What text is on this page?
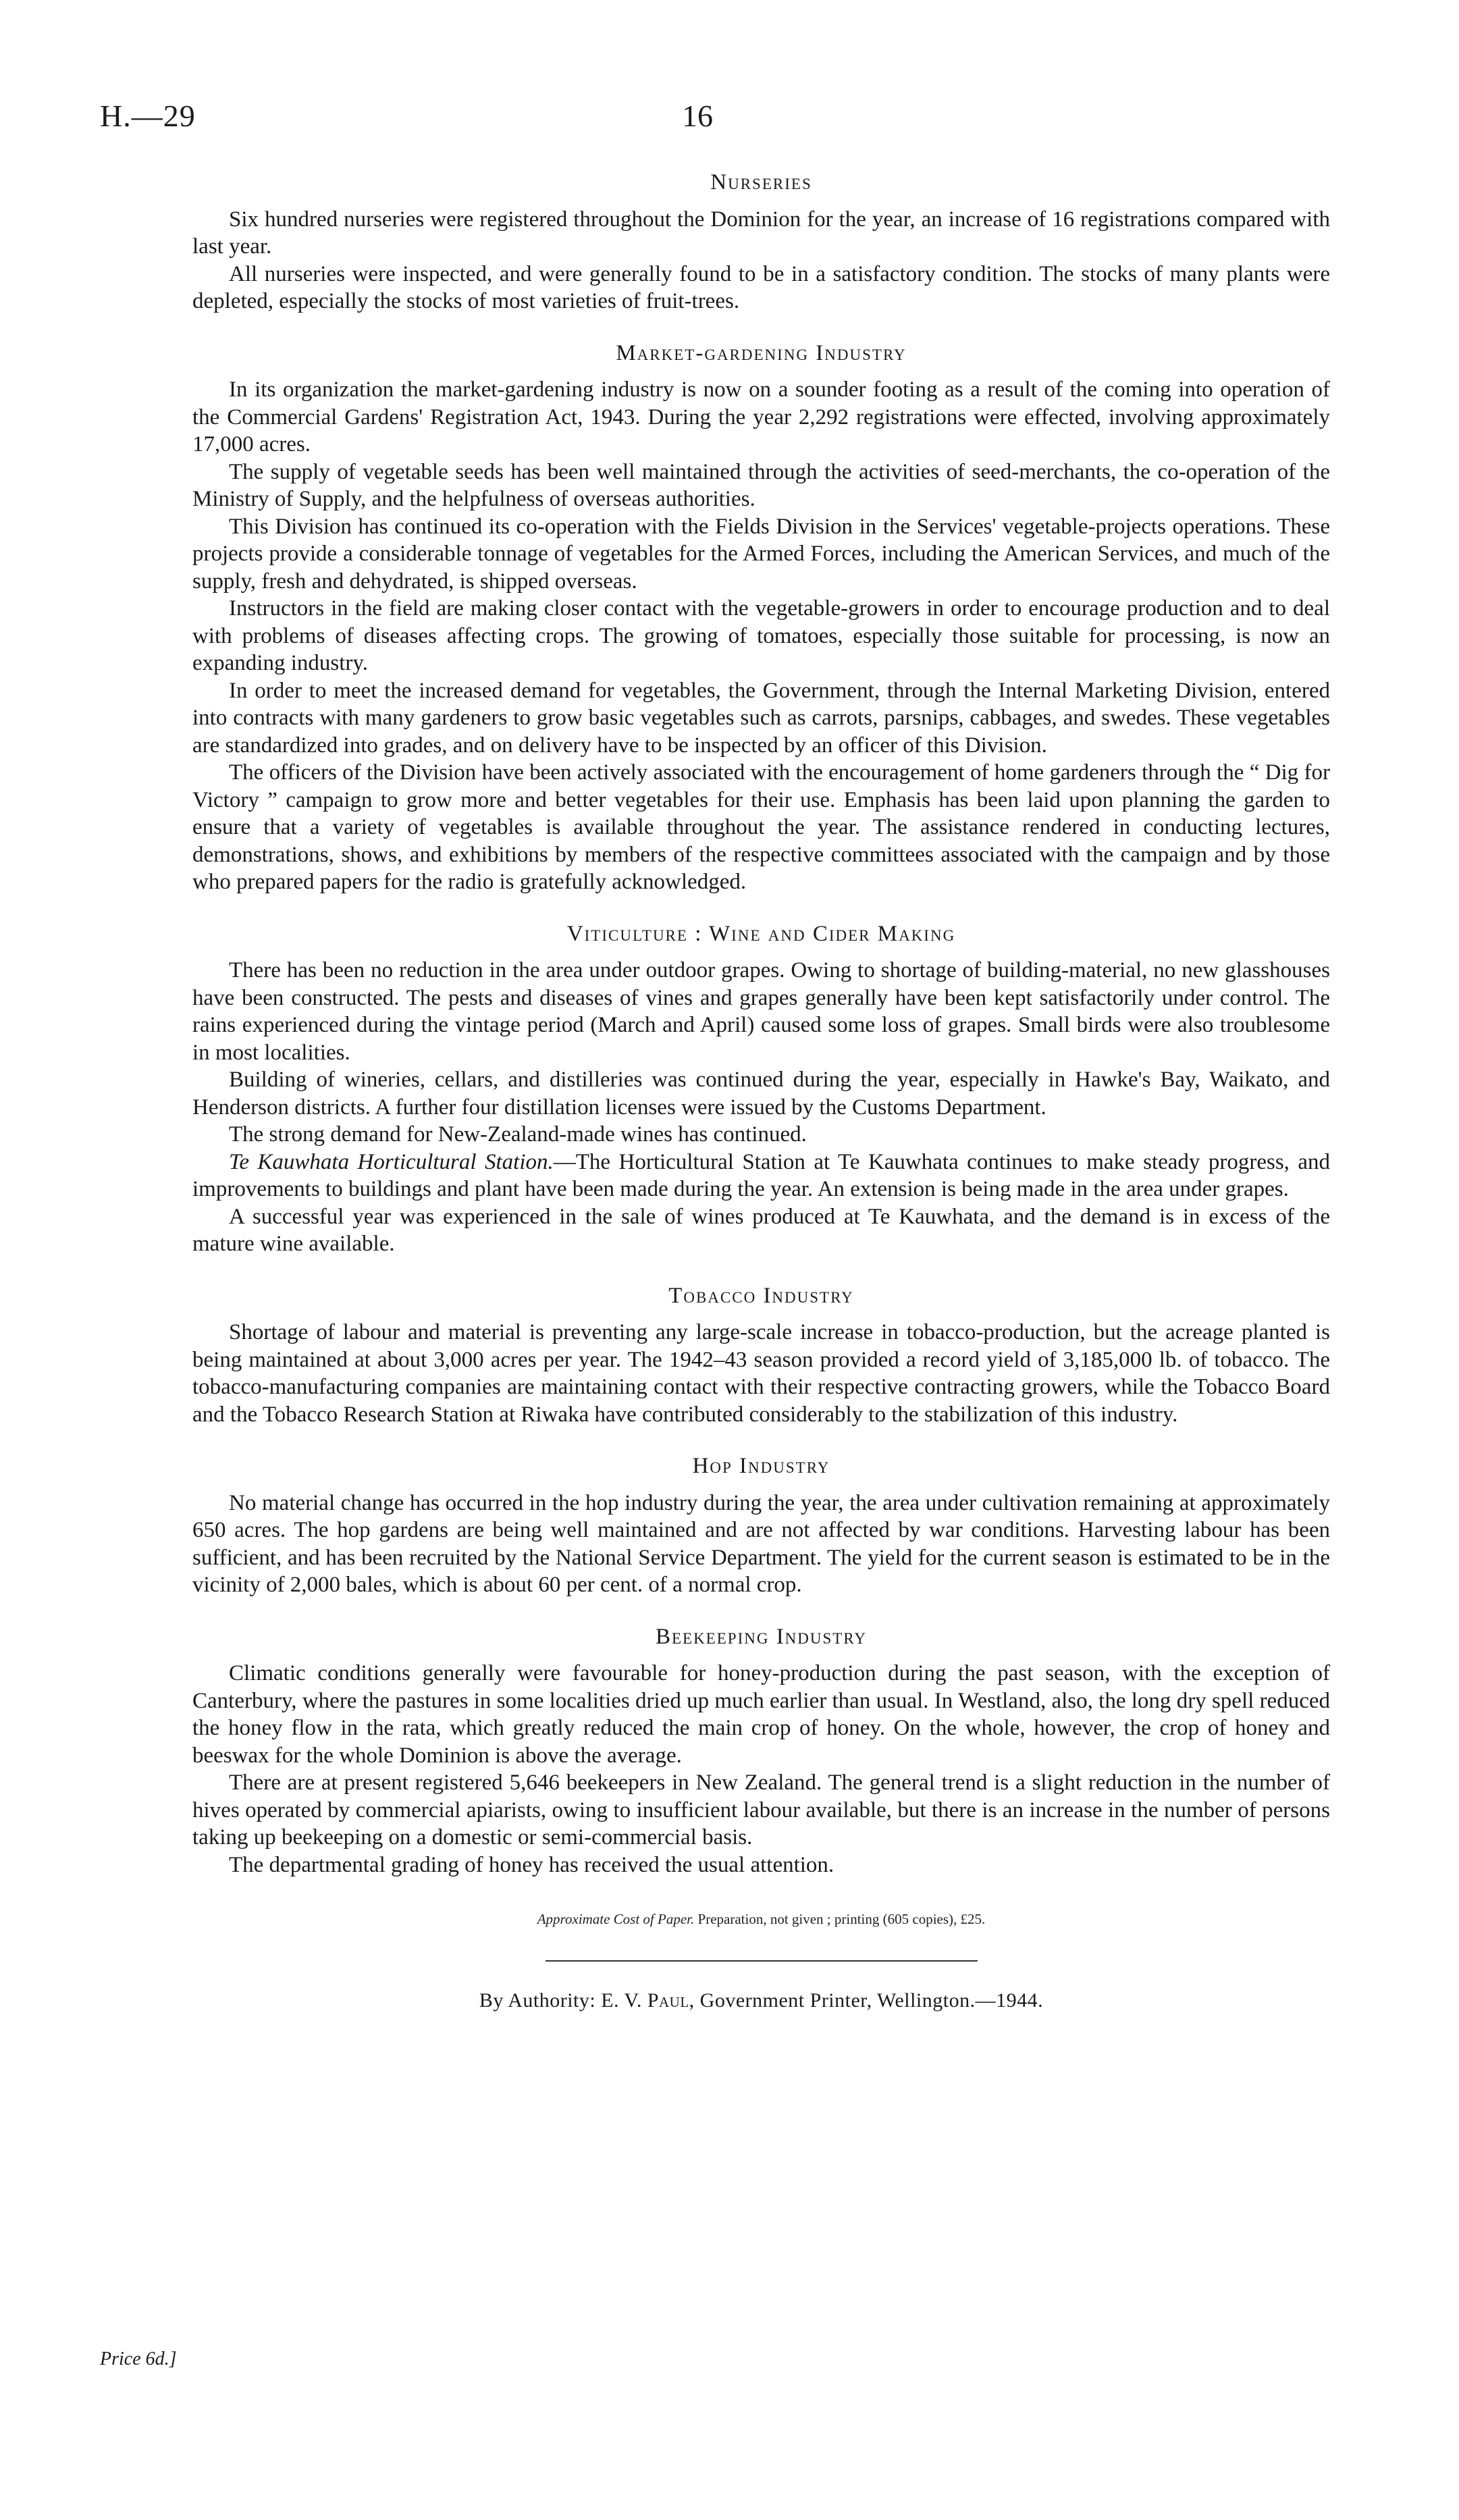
H.—29	16
Nurseries

Six hundred nurseries were registered throughout the Dominion for the year, an increase of 16 registrations compared with last year.

All nurseries were inspected, and were generally found to be in a satisfactory condition. The stocks of many plants were depleted, especially the stocks of most varieties of fruit-trees.

Market-gardening Industry

In its organization the market-gardening industry is now on a sounder footing as a result of the coming into operation of the Commercial Gardens' Registration Act, 1943. During the year 2,292 registrations were effected, involving approximately 17,000 acres.

The supply of vegetable seeds has been well maintained through the activities of seed-merchants, the co-operation of the Ministry of Supply, and the helpfulness of overseas authorities.

This Division has continued its co-operation with the Fields Division in the Services' vegetable-projects operations. These projects provide a considerable tonnage of vegetables for the Armed Forces, including the American Services, and much of the supply, fresh and dehydrated, is shipped overseas.

Instructors in the field are making closer contact with the vegetable-growers in order to encourage production and to deal with problems of diseases affecting crops. The growing of tomatoes, especially those suitable for processing, is now an expanding industry.

In order to meet the increased demand for vegetables, the Government, through the Internal Marketing Division, entered into contracts with many gardeners to grow basic vegetables such as carrots, parsnips, cabbages, and swedes. These vegetables are standardized into grades, and on delivery have to be inspected by an officer of this Division.

The officers of the Division have been actively associated with the encouragement of home gardeners through the “ Dig for Victory ” campaign to grow more and better vegetables for their use. Emphasis has been laid upon planning the garden to ensure that a variety of vegetables is available throughout the year. The assistance rendered in conducting lectures, demonstrations, shows, and exhibitions by members of the respective committees associated with the campaign and by those who prepared papers for the radio is gratefully acknowledged.

Viticulture : Wine and Cider Making

There has been no reduction in the area under outdoor grapes. Owing to shortage of building-material, no new glasshouses have been constructed. The pests and diseases of vines and grapes generally have been kept satisfactorily under control. The rains experienced during the vintage period (March and April) caused some loss of grapes. Small birds were also troublesome in most localities.

Building of wineries, cellars, and distilleries was continued during the year, especially in Hawke's Bay, Waikato, and Henderson districts. A further four distillation licenses were issued by the Customs Department.

The strong demand for New-Zealand-made wines has continued.

Te Kauwhata Horticultural Station.—The Horticultural Station at Te Kauwhata continues to make steady progress, and improvements to buildings and plant have been made during the year. An extension is being made in the area under grapes.

A successful year was experienced in the sale of wines produced at Te Kauwhata, and the demand is in excess of the mature wine available.

Tobacco Industry

Shortage of labour and material is preventing any large-scale increase in tobacco-production, but the acreage planted is being maintained at about 3,000 acres per year. The 1942–43 season provided a record yield of 3,185,000 lb. of tobacco. The tobacco-manufacturing companies are maintaining contact with their respective contracting growers, while the Tobacco Board and the Tobacco Research Station at Riwaka have contributed considerably to the stabilization of this industry.

Hop Industry

No material change has occurred in the hop industry during the year, the area under cultivation remaining at approximately 650 acres. The hop gardens are being well maintained and are not affected by war conditions. Harvesting labour has been sufficient, and has been recruited by the National Service Department. The yield for the current season is estimated to be in the vicinity of 2,000 bales, which is about 60 per cent. of a normal crop.

Beekeeping Industry

Climatic conditions generally were favourable for honey-production during the past season, with the exception of Canterbury, where the pastures in some localities dried up much earlier than usual. In Westland, also, the long dry spell reduced the honey flow in the rata, which greatly reduced the main crop of honey. On the whole, however, the crop of honey and beeswax for the whole Dominion is above the average.

There are at present registered 5,646 beekeepers in New Zealand. The general trend is a slight reduction in the number of hives operated by commercial apiarists, owing to insufficient labour available, but there is an increase in the number of persons taking up beekeeping on a domestic or semi-commercial basis.

The departmental grading of honey has received the usual attention.

Approximate Cost of Paper. Preparation, not given ; printing (605 copies), £25.
By Authority: E. V. Paul, Government Printer, Wellington.—1944.
Price 6d.]
